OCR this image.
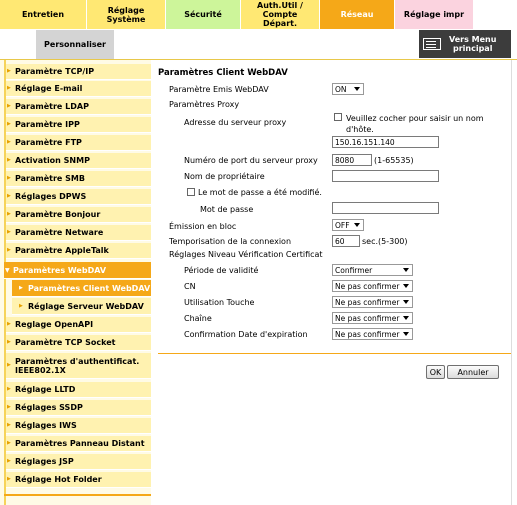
Entretien	Réglage Système	Sécurité
Auth.Util / Compte Départ.
Réseau	Réglage impr
Personnaliser
Vers Menu
principal
▶ Paramètre TCP/IP
▶ Réglage E-mail
▶ Paramètre LDAP
▶ Paramètre IPP
▶ Paramètre FTP
▶ Activation SNMP
▶ Paramètre SMB
▶ Réglages DPWS
▶ Paramètre Bonjour
▶ Paramètre Netware
▶ Paramètre AppleTalk
▼ Paramètres WebDAV
▶ Paramètres Client WebDAV
▶ Réglage Serveur WebDAV
▶ Reglage OpenAPI
▶ Paramètre TCP Socket
▶ Paramètres d'authentificat. IEEE802.1X
▶ Réglage LLTD
▶ Réglages SSDP
▶ Réglages IWS
▶ Paramètres Panneau Distant
▶ Réglages JSP
▶ Réglage Hot Folder
Paramètres Client WebDAV
Paramètre Emis WebDAV	ON
Paramètres Proxy
Adresse du serveur proxy	Veuillez cocher pour saisir un nom d'hôte.
150.16.151.140
Numéro de port du serveur proxy	8080	(1-65535)
Nom de propriétaire
Le mot de passe a été modifié.
Mot de passe
Émission en bloc	OFF
Temporisation de la connexion	60	sec.(5-300)
Réglages Niveau Vérification Certificat
Période de validité	Confirmer
CN	Ne pas confirmer
Utilisation Touche	Ne pas confirmer
Chaîne	Ne pas confirmer
Confirmation Date d'expiration	Ne pas confirmer
OK	Annuler
